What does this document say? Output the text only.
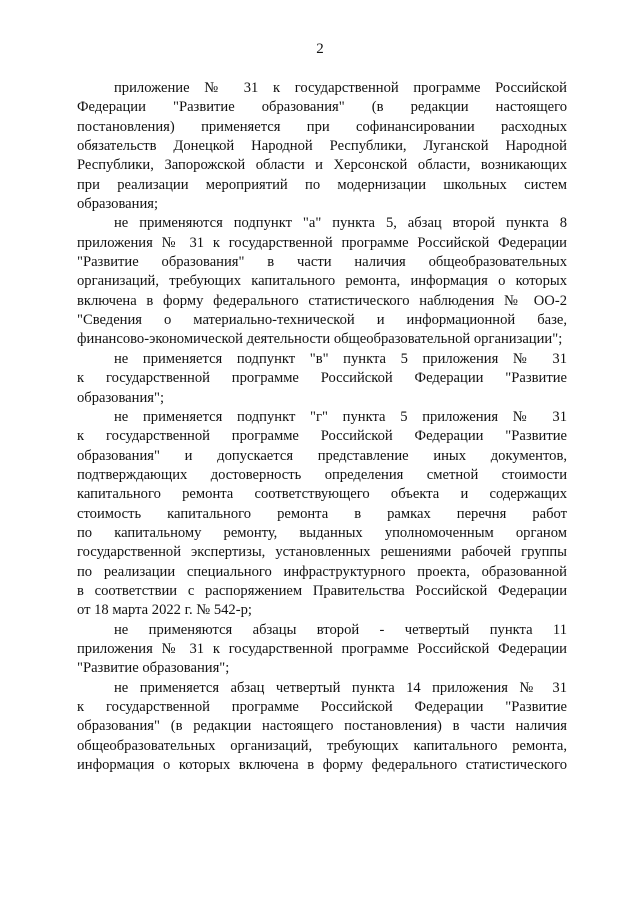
2
приложение № 31 к государственной программе Российской
Федерации "Развитие образования" (в редакции настоящего
постановления) применяется при софинансировании расходных
обязательств Донецкой Народной Республики, Луганской Народной
Республики, Запорожской области и Херсонской области, возникающих
при реализации мероприятий по модернизации школьных систем
образования;
не применяются подпункт "а" пункта 5, абзац второй пункта 8
приложения № 31 к государственной программе Российской Федерации
"Развитие образования" в части наличия общеобразовательных
организаций, требующих капитального ремонта, информация о которых
включена в форму федерального статистического наблюдения № ОО-2
"Сведения о материально-технической и информационной базе,
финансово-экономической деятельности общеобразовательной организации";
не применяется подпункт "в" пункта 5 приложения № 31
к государственной программе Российской Федерации "Развитие
образования";
не применяется подпункт "г" пункта 5 приложения № 31
к государственной программе Российской Федерации "Развитие
образования" и допускается представление иных документов,
подтверждающих достоверность определения сметной стоимости
капитального ремонта соответствующего объекта и содержащих
стоимость капитального ремонта в рамках перечня работ
по капитальному ремонту, выданных уполномоченным органом
государственной экспертизы, установленных решениями рабочей группы
по реализации специального инфраструктурного проекта, образованной
в соответствии с распоряжением Правительства Российской Федерации
от 18 марта 2022 г. № 542-р;
не применяются абзацы второй - четвертый пункта 11
приложения № 31 к государственной программе Российской Федерации
"Развитие образования";
не применяется абзац четвертый пункта 14 приложения № 31
к государственной программе Российской Федерации "Развитие
образования" (в редакции настоящего постановления) в части наличия
общеобразовательных организаций, требующих капитального ремонта,
информация о которых включена в форму федерального статистического
